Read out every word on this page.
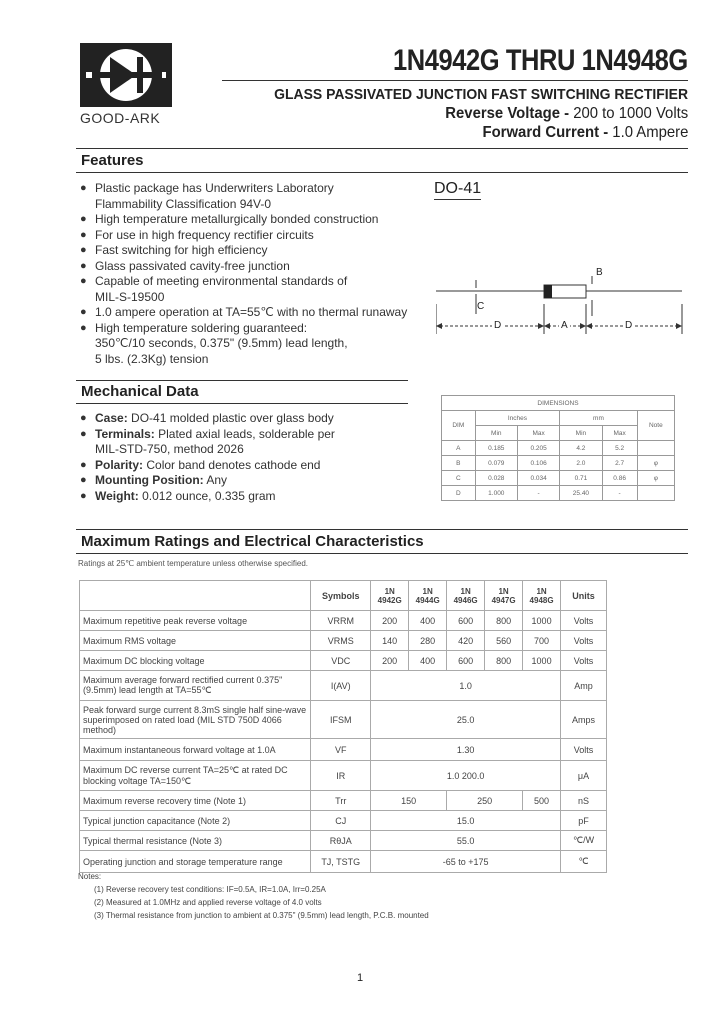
GOOD-ARK
1N4942G THRU 1N4948G
GLASS PASSIVATED JUNCTION FAST SWITCHING RECTIFIER
Reverse Voltage - 200 to 1000 Volts
Forward Current - 1.0 Ampere
Features
● Plastic package has Underwriters Laboratory
Flammability Classification 94V-0
● High temperature metallurgically bonded construction
● For use in high frequency rectifier circuits
● Fast switching for high efficiency
● Glass passivated cavity-free junction
● Capable of meeting environmental standards of
MIL-S-19500
● 1.0 ampere operation at TA=55℃ with no thermal runaway
● High temperature soldering guaranteed:
350℃/10 seconds, 0.375" (9.5mm) lead length,
5 lbs. (2.3Kg) tension
DO-41
B
C
D	A	D
DIMENSIONS					
DIM	Inches		mm		Note
	Min	Max	Min	Max	
A	0.185	0.205	4.2	5.2	
B	0.079	0.106	2.0	2.7	φ
C	0.028	0.034	0.71	0.86	φ
D	1.000	-	25.40	-	
Mechanical Data
● Case: DO-41 molded plastic over glass body
● Terminals: Plated axial leads, solderable per
MIL-STD-750, method 2026
● Polarity: Color band denotes cathode end
● Mounting Position: Any
● Weight: 0.012 ounce, 0.335 gram
Maximum Ratings and Electrical Characteristics
Ratings at 25℃ ambient temperature unless otherwise specified.
	Symbols	1N 4942G	1N 4944G	1N 4946G	1N 4947G	1N 4948G	Units
Maximum repetitive peak reverse voltage	VRRM	200	400	600	800	1000	Volts
Maximum RMS voltage	VRMS	140	280	420	560	700	Volts
Maximum DC blocking voltage	VDC	200	400	600	800	1000	Volts
Maximum average forward rectified current 0.375" (9.5mm) lead length at TA=55℃	I(AV)	1.0					Amp
Peak forward surge current 8.3mS single half sine-wave superimposed on rated load (MIL STD 750D 4066 method)	IFSM	25.0					Amps
Maximum instantaneous forward voltage at 1.0A	VF	1.30					Volts
Maximum DC reverse current TA=25℃ at rated DC blocking voltage TA=150℃	IR	1.0 200.0					μA
Maximum reverse recovery time (Note 1)	Trr	150		250		500	nS
Typical junction capacitance (Note 2)	CJ	15.0					pF
Typical thermal resistance (Note 3)	RθJA	55.0					℃/W
Operating junction and storage temperature range	TJ, TSTG	-65 to +175					℃
Notes:
(1) Reverse recovery test conditions: IF=0.5A, IR=1.0A, Irr=0.25A
(2) Measured at 1.0MHz and applied reverse voltage of 4.0 volts
(3) Thermal resistance from junction to ambient at 0.375" (9.5mm) lead length, P.C.B. mounted
1
